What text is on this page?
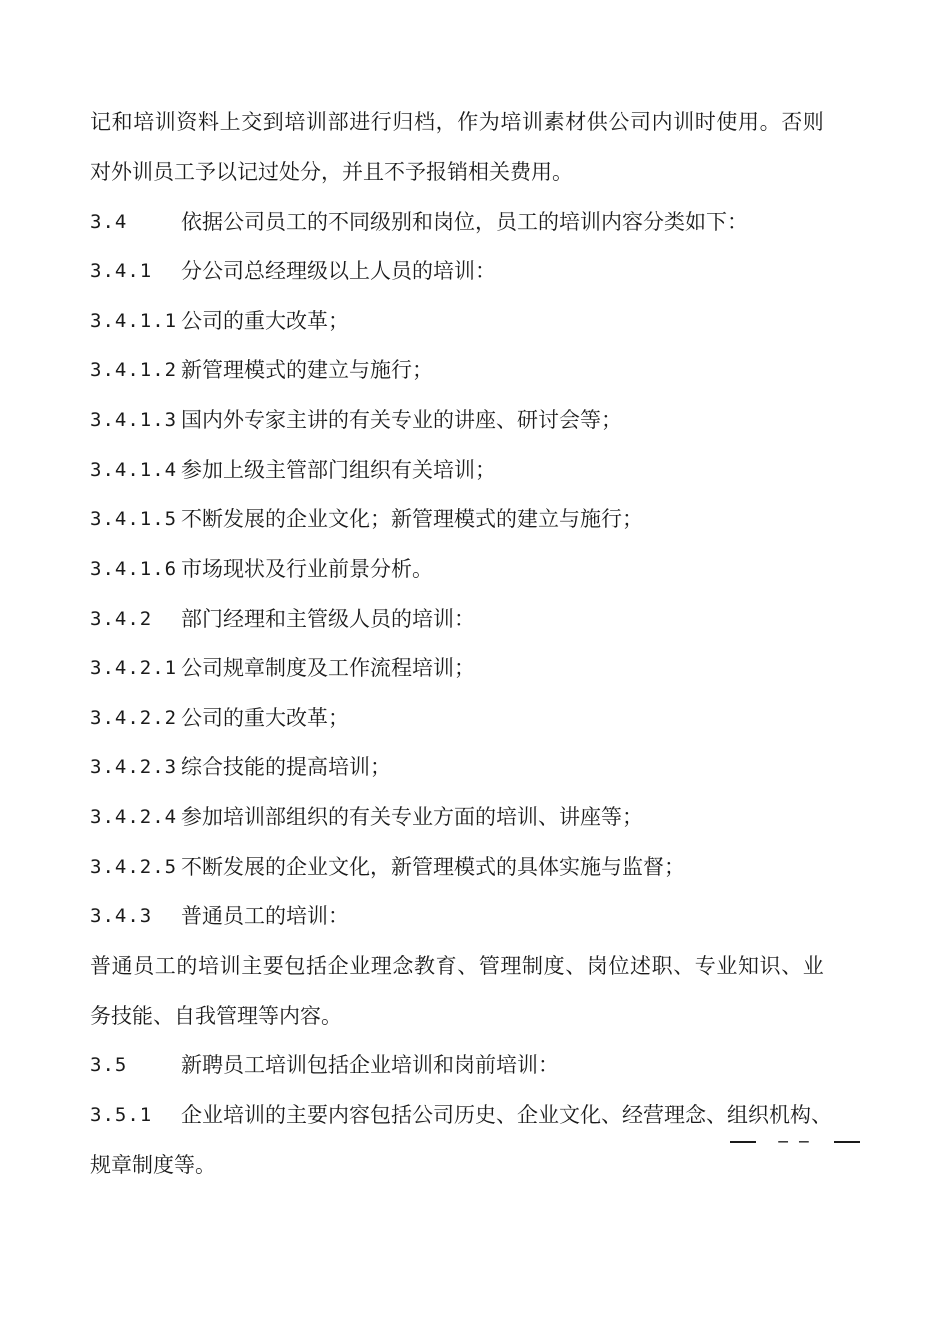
记和培训资料上交到培训部进行归档，作为培训素材供公司内训时使用。否则
对外训员工予以记过处分，并且不予报销相关费用。
3.4	依据公司员工的不同级别和岗位，员工的培训内容分类如下：
3.4.1 分公司总经理级以上人员的培训：
3.4.1.1 公司的重大改革；
3.4.1.2 新管理模式的建立与施行；
3.4.1.3 国内外专家主讲的有关专业的讲座、研讨会等；
3.4.1.4 参加上级主管部门组织有关培训；
3.4.1.5 不断发展的企业文化；新管理模式的建立与施行；
3.4.1.6 市场现状及行业前景分析。
3.4.2 部门经理和主管级人员的培训：
3.4.2.1 公司规章制度及工作流程培训；
3.4.2.2 公司的重大改革；
3.4.2.3 综合技能的提高培训；
3.4.2.4 参加培训部组织的有关专业方面的培训、讲座等；
3.4.2.5 不断发展的企业文化，新管理模式的具体实施与监督；
3.4.3 普通员工的培训：
普通员工的培训主要包括企业理念教育、管理制度、岗位述职、专业知识、业
务技能、自我管理等内容。
3.5	新聘员工培训包括企业培训和岗前培训：
3.5.1 企业培训的主要内容包括公司历史、企业文化、经营理念、组织机构、
— —
规章制度等。
